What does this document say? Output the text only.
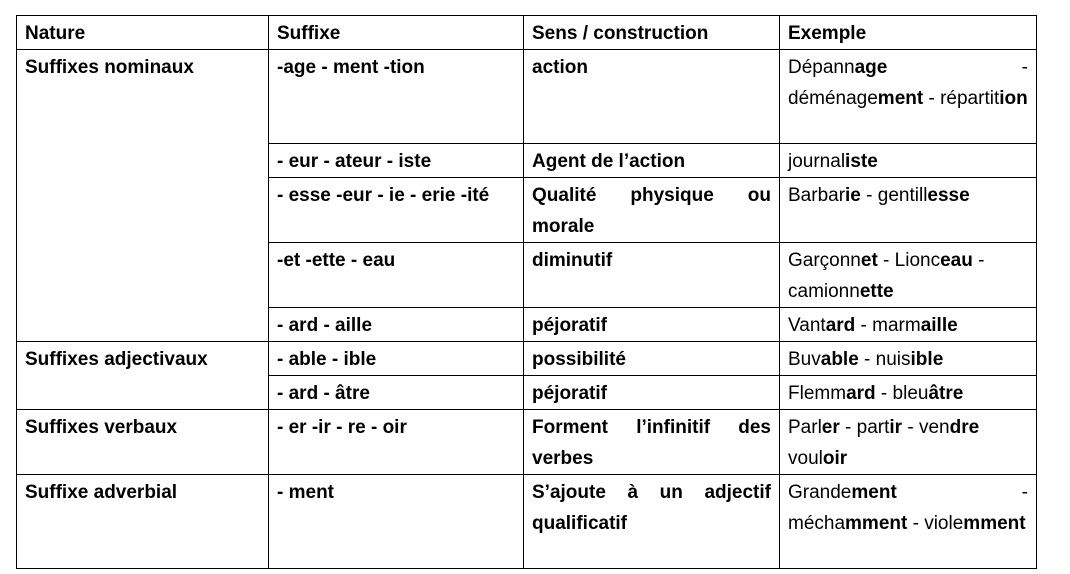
Nature	Suffixe	Sens / construction	Exemple
Suffixes nominaux	-age - ment -tion	action	Dépannage - déménagement - répartition
	- eur - ateur - iste	Agent de l’action	journaliste
	- esse -eur - ie - erie -ité	Qualité physique ou morale	Barbarie - gentillesse
	-et -ette - eau	diminutif	Garçonnet - Lionceau - camionnette
	- ard - aille	péjoratif	Vantard - marmaille
Suffixes adjectivaux	- able - ible	possibilité	Buvable - nuisible
	- ard - âtre	péjoratif	Flemmard - bleuâtre
Suffixes verbaux	- er -ir - re - oir	Forment l’infinitif des verbes	Parler - partir - vendre vouloir
Suffixe adverbial	- ment	S’ajoute à un adjectif qualificatif	Grandement - méchamment - violemment
